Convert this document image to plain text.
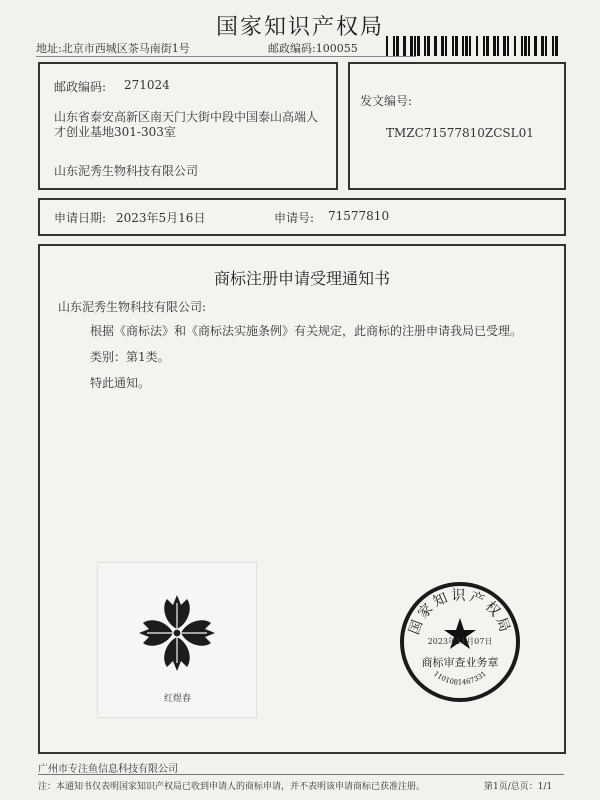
国家知识产权局
地址:北京市西城区茶马南街1号	邮政编码:100055
邮政编码: 271024
山东省泰安高新区南天门大街中段中国泰山高端人才创业基地301-303室
山东泥秀生物科技有限公司
发文编号:
TMZC71577810ZCSL01
申请日期: 2023年5月16日	申请号: 71577810
商标注册申请受理通知书
山东泥秀生物科技有限公司:
根据《商标法》和《商标法实施条例》有关规定，此商标的注册申请我局已受理。
类别：第1类。
特此通知。
红煜春
国家知识产权局
2023年11月07日
商标审查业务章
1101081467331
广州市专注鱼信息科技有限公司
注：本通知书仅表明国家知识产权局已收到申请人的商标申请，并不表明该申请商标已获准注册。	第1页/总页：1/1
